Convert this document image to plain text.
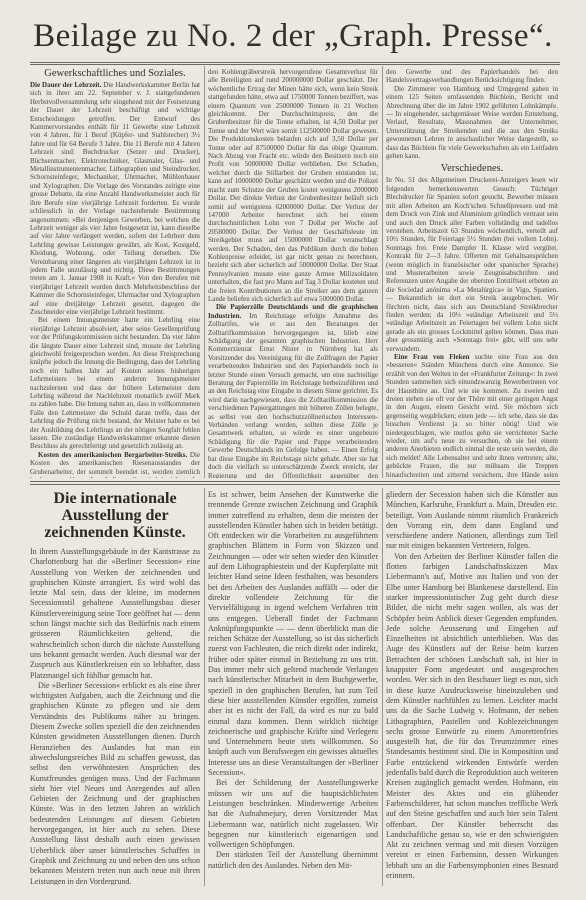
Beilage zu No. 2 der „Graph. Presse“.
Gewerkschaftliches und Soziales.

Die Dauer der Lehrzeit. Die Handwerkskammer Berlin hat sich in ihrer am 22. September v. J. stattgefundenen Herbstvollversammlung sehr eingehend mit der Festsetzung der Dauer der Lehrzeit beschäftigt und wichtige Entscheidungen getroffen. Der Entwurf des Kammervorstandes enthält für 11 Gewerbe eine Lehrzeit von 4 Jahren, für 1 Beruf (Küpfer- und Stahlstecher) 3½ Jahre und für 64 Berufe 3 Jahre. Die 11 Berufe mit 4 Jahren Lehrzeit sind: Buchdrucker (Setzer und Drucker), Büchsenmacher, Elektrotechniker, Glasmaler, Glas- und Metallinstrumentenmacher, Lithographen und Steindrucker, Schornsteinfeger, Mechaniker, Uhrmacher, Mühlenbauer und Xylographen. Die Vorlage des Vorstandes zeitigte eine grosse Debatte, da eine Anzahl Handwerksmeister auch für ihre Berufe eine vierjährige Lehrzeit forderten. Es wurde schliesslich in der Vorlage nachstehende Bestimmung angenommen: »Bei denjenigen Gewerben, bei welchen die Lehrzeit weniger als vier Jahre festgesetzt ist, kann dieselbe auf vier Jahre verlängert werden, sofern der Lehrherr dem Lehrling gewisse Leistungen gewährt, als Kost, Kostgeld, Kleidung, Wohnung, oder Teilung derselben. Die Vereinbarung einer längeren als vierjährigen Lehrzeit ist in jedem Falle unzulässig und nichtig. Diese Bestimmungen treten am 1. Januar 1908 in Kraft.« Von den Berufen mit vierjähriger Lehrzeit wurden durch Mehrheitsbeschluss der Kammer die Schornsteinfeger, Uhrmacher und Xylographen auf eine dreijährige Lehrzeit gesetzt, dagegen die Zuschneider eine vierjährige Lehrzeit bestimmt.

Bei einem Innungsmeister hatte ein Lehrling eine vierjährige Lehrzeit absolviert, aber seine Gesellenprüfung vor der Prüfungskommission nicht bestanden. Da vier Jahre die längste Dauer einer Lehrzeit sind, musste der Lehrling gleichwohl freigesprochen werden. An diese Freisprechung knüpfte jedoch die Innung die Bedingung, dass der Lehrling noch ein halbes Jahr auf Kosten seines bisherigen Lehrmeisters bei einem anderen Innungsmeister nachzulernen und dass der frühere Lehrmeister dem Lehrling während der Nachlehrzeit monatlich zwölf Mark zu zahlen habe. Die Innung nahm an, dass in vollkommenen Falle den Lehrmeister die Schuld daran treffe, dass der Lehrling die Prüfung nicht bestand, der Meister habe es bei der Ausbildung des Lehrlings an der nötigen Sorgfalt fehlen lassen. Die zuständige Handwerkskammer erkannte diesen Beschluss als gerechtfertigt und gesetzlich zulässig an.

Kosten des amerikanischen Bergarbeiter-Streiks. Die Kosten des amerikanischen Riesenausstandes der Grubenarbeiter, der sommelt beendet ist, werden ziemlich

den Kohlengräberstreik hervorgerufene Gesamtverlust für alle Beteiligten auf rund 200000000 Dollar geschätzt. Der wöchentliche Ertrag der Minen hätte sich, wenn kein Streik stattgefunden hätte, etwa auf 1750000 Tonnen beziffert, was einem Quantum von 25000000 Tonnen in 21 Wochen gleichkommt. Der Durchschnittspreis, den die Grubenbesitzer für die Tonne erhalten, ist 4,50 Dollar per Tonne und der Wert wäre somit 112500000 Dollar gewesen. Die Produktionskosten belaufen sich auf 3,50 Dollar per Tonne oder auf 87500000 Dollar für das obige Quantum. Nach Abzug von Fracht etc. würde den Besitzern noch ein Profit von 50000000 Dollar verblieben. Der Schaden, welcher durch die Stillarbeit der Gruben entstanden ist, kann auf 10000000 Dollar geschätzt werden und die Polizei macht zum Schutze der Gruben kostet wenigstens 2000000 Dollar. Der direkte Verlust der Grubenbesitzer beläuft sich somit auf wenigstens 62000000 Dollar. Der Verlust der 147000 Arbeiter berechnet sich bei einem durchschnittlichen Lohn von 7 Dollar per Woche auf 20580000 Dollar. Der Verlust der Geschäftsleute im Streikgebiet muss auf 15000000 Dollar veranschlagt werden. Der Schaden, den das Publikum durch die hohen Kohlenpreise erleidet, ist gar nicht genau zu berechnen, bezieht sich aber sicherlich auf 50000000 Dollar. Der Staat Pennsylvanien musste eine ganze Armee Milizsoldaten unterhalten, die fast pro Mann auf Tag 3 Dollar kosteten und die freien Kontributionen an die Streiker aus dem ganzen Lande beliefen sich sicherlich auf etwa 5000000 Dollar.

Die Papierzölle Deutschlands und die graphischen Industrien. Im Reichstage erfolgte Annahme des Zolltarifes, wie er aus den Beratungen der Zolltarifkommission hervorgegangen ist, blieb eine Schädigung der gesamten graphischen Industrien. Herr Kommerzienrat Ernst Nister in Nürnberg hat als Vorsitzender des Vereinigung für die Zollfragen der Papier verarbeitenden Industrien und des Papierhandels noch in letzter Stunde einen Versuch gemacht, um eine nachteilige Beratung der Papierzölle im Reichstage herbeizuführen und an den Reichstag eine Eingabe in diesem Sinne gerichtet. Es wird darin nachgewiesen, dass die Zolltarifkommission die verschiedenen Papiergattungen mit höheren Zöllen belegte, as selbst von den hochschutzzöllnerischen Interessen-Verbänden verlangt worden, sollten diese Zölle je Gesamtwerk erhalten, so würde es einer ungeheure Schädigung für die Papier und Pappe verarbeitenden Gewerbe Deutschlands im Gefolge haben. — Einen Erfolg hat diese Eingabe im Reichstage nicht gehabt. Aber sie hat doch die vielfach so unterschätzende Zweck erreicht, der Regierung und der Öffentlichkeit gegenüber den

den Gewerbe und des Papierhandels bei den Handelsvertragsverhandlungen Berücksichtigung finden.

Die Zimmerer von Hamburg und Umgegend gaben in einem 125 Seiten umfassenden Büchlein, Bericht und Abrechnung über die im Jahre 1902 geführten Lohnkämpfe. — In eingehender, sachgemässer Weise werden Entstehung, Verlauf, Resultate, Massnahmen der Unternehmer, Unterstützung der Streikenden und die aus den Streiks gewonnenen Lehren in anschaulicher Weise dargestellt, so dass das Büchlein für viele Gewerkschaften als ein Leitfaden gelten kann.

Verschiedenes.

In No. 51 des Allgemeinen Druckerei-Anzeigers lesen wir folgenden bemerkenswerten Gesuch: Tüchtiger Blechdrucker für Spanien sofort gesucht. Bewerber müssen mit allen Arbeiten am Koch'schen Schnellpressen und mit dem Druck von Zink und Aluminium gründlich vertraut sein und auch den Druck aller Farben vollständig und tadellos verstehen. Arbeitszeit 63 Stunden wöchentlich, verteilt auf 10½ Stunden, für Feiertage 5½ Stunden (bei vollem Lohn). Sonntags frei. Freie Dampfer II. Klasse wird vergütet. Kontrakt für 2—3 Jahre. Offerten mit Gehaltsansprüchen (wenn möglich in französischer oder spanischer Sprache) und Musterarbeiten sowie Zeugnisabschriften und Referenzen unter Angabe der obersten Entstiftseit erbeten an die Sociedad anónima »La Metalúrgica« in Vigo, Spanien. — Bekanntlich ist dort ein Streik ausgebrochen. Wir fürchten nicht, dass sich aus Deutschland Streikbrecher finden werden; da 10⅓ »ständige Arbeitszeit und 5⅓ »ständige Arbeitszeit an Feiertagen bei vollem Lohn nicht gerade als ein grosses Lockmittel gelten können. Dass man aber grossmütig auch »Sonntags frei« gibt, will uns sehr verwundern.

Eine Frau von Fleken suchte eine Frau aus den »besseren« Ständen Münchens durch eine Annonce. Sie erzählt von den Welten in der »Frankfurter Zeitung«: In zwei Stunden sammelten sich einundzwanzig Bewerberinnen vor der Hausthüre an. Und wie sie kommen. Zu zweien und dreien stehen sie oft vor der Thüre mit einer geringen Angst in den Augen, einem Gesicht wird. Sie möchten sich gegenseitig wegdrücken; einen jede — ich sehe, dass sie das bisschen Verdienst ja so bitter nötig! Und wie niedergeschlagen, wie mutlos gehn sie verrichteter Sache wieder, um auf's neue zu versuchen, ob sie bei einem anderen Anerbieten endlich einmal die erste sein werden, die sich meldet! Alle Lebensalter und sehr ihnen vertreten; alte, gebückte Frauen, die nur mühsam die Treppen hinaufschreiten und zitternd versichern, ihre Hände seien

Die internationale Ausstellung der zeichnenden Künste.

In ihrem Ausstellungsgebäude in der Kantstrasse zu Charlottenburg hat die »Berliner Secession« eine Ausstellung von Werken der zeichnenden und graphischen Künste arrangiert. Es wird wohl das letzte Mal sein, dass der kleine, im modernen Secessionsstil gehaltene Ausstellungsbau dieser Künstlervereinigung seine Tore geöffnet hat — denn schon längst machte sich das Bedürfnis nach einem grösseren Räumlichkeiten geltend, die wahrscheinlich schon durch die nächste Ausstellung uns bekannt gemacht werden. Auch diesmal war der Zuspruch aus Künstlerkreisen ein so lebhafter, dass Platzmangel sich fühlbar gemacht hat.

Die »Berliner Secession« erblickt es als eine ihrer wichtigsten Aufgaben, auch die Zeichnung und die graphischen Künste zu pflegen und sie dem Verständnis des Publikums näher zu bringen. Diesem Zwecke sollen speziell die den zeichnenden Künsten gewidmeten Ausstellungen dienen. Durch Heranziehen des Auslandes hat man ein abwechslungsreiches Bild zu schaffen gewusst, das selbst den verwöhntesten Ansprüchen des Kunstfreundes genügen muss. Und der Fachmann sieht hier viel Neues und Anregendes auf allen Gebieten der Zeichnung und der graphischen Künste. Was in den letzten Jahren an wirklich bedeutenden Leistungen auf diesem Gebieten hervorgegangen, ist hier auch zu sehen. Diese Ausstellung lässt deshalb auch einen gewissen Ueberblick über unser künstlerisches Schaffen in Graphik und Zeichnung zu und neben den uns schon bekannten Meistern treten nun auch neue mit ihren Leistungen in den Vordergrund.

Es ist schwer, beim Ansehen der Kunstwerke die trennende Grenze zwischen Zeichnung und Graphik immer zutreffend zu erhalten, denn die meisten der ausstellenden Künstler haben sich in beiden betätigt. Oft entdecken wir die Vorarbeiten zu ausgeführtem graphischen Blättern in Form von Skizzen und Zeichnungen — oder wir sehen wieder den Künstler auf dem Lithographiestein und der Kupferplatte mit leichter Hand seine Ideen festhalten, was besonders bei den Arbeiten des Auslandes auffällt — oder die direkte vollendete Zeichnung für die Vervielfältigung in irgend welchem Verfahren tritt uns entgegen. Ueberall findet der Fachmann Anknüpfungspunkte — — denn überblickt man die reichen Schätze der Ausstellung, so ist das sicherlich zuerst von Fachleuten, die reich direkt oder indirekt, früher oder später einmal in Beziehung zu uns tritt. Das immer mehr sich geltend machende Verlangen nach künstlerischer Mitarbeit in dem Buchgewerbe, speziell in den graphischen Berufen, hat zum Teil diese hier ausstellenden Künstler ergriffen, zumeist aber ist es nicht der Fall, da wird es nur zu bald einmal dazu kommen. Denn wirklich tüchtige zeichnerische und graphische Kräfte sind Verlegern und Unternehmern heute stets willkommen. So knüpft auch von Berufswegen ein gewisses aktuelles Interesse uns an diese Veranstaltungen der »Berliner Secession«.

Bei der Schilderung der Ausstellungswerke müssen wir uns auf die hauptsächlichsten Leistungen beschränken. Minderwertige Arbeiten hat die Aufnahmejury, deren Vorsitzender Max Liebermann war, natürlich nicht zugelassen. Wir begegnen nur künstlerisch eigenartigen und vollwertigen Schöpfungen.

Den stärksten Teil der Ausstellung übernimmt natürlich den des Auslandes. Neben den Mit-

gliedern der Secession haben sich die Künstler aus München, Karlsruhe, Frankfurt a. Main, Dresden etc. beteiligt. Vom Auslande nimmt räumlich Frankreich den Vorrang ein, dem dann England und verschiedene andere Nationen, allerdings zum Teil nur mit einigen bekannten Vertretern, folgen.

Von den Arbeiten der Berliner Künstler fallen die flotten farbigen Landschaftsskizzen Max Liebermann's auf, Motive aus Italien und von der Elbe unter Hamburg bei Blankenese darstellend. Ein starker impressionistischer Zug geht durch diese Bilder, die nicht mehr sagen wollen, als was der Schöpfer beim Anblick dieser Gegenden empfunden. Jede solche Aeusserung und Eingehen auf Einzelheiten ist absichtlich unterblieben. Was das Auge des Künstlers auf der Reise beim kurzen Betrachten der schönen Landschaft sah, ist hier in knappster Form angedeutet und ausgesprochen worden. Wer sich in den Beschauer liegt es nun, sich in diese kurze Ausdrucksweise hineinzuleben und dem Künstler nachfühlen zu lernen. Leichter macht uns da die Sache Ludwig v. Hofmann, der neben Lithographien, Pastellen und Kohlezeichnungen sechs grosse Entwürfe zu einem Amorettenfries ausgestellt hat, die für das Treumzimmer eines Standesamts bestimmt sind. Die in Komposition und Farbe entzückend wirkenden Entwürfe werden jedenfalls bald durch die Reproduktion auch weiteren Kreisen zugänglich gemacht werden. Hofmann, ein Meister des Aktes und ein glühender Farbenschilderer, hat schon manches treffliche Werk auf den Steine geschaffen und auch hier sein Talent offenbart. Der Künstler beherrscht das Landschaftliche genau so, wie er den schwierigsten Akt zu zeichnen vermag und mit diesen Vorzügen vereint er einen Farbensinn, dessen Wirkungen lebhaft uns an die Farbensymphonien eines Besnard erinnern.
